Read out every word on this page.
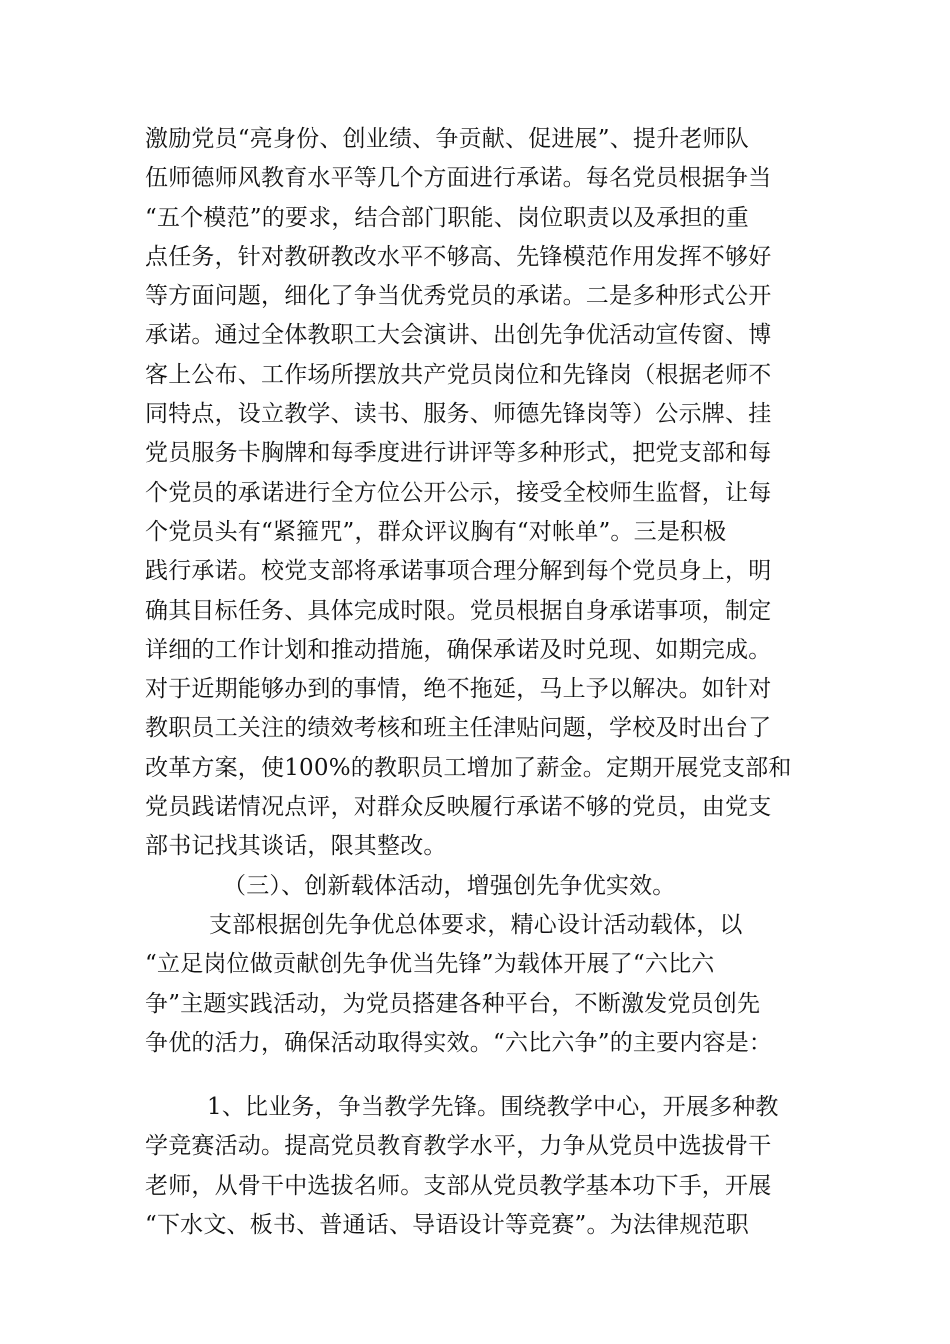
激励党员“亮身份、创业绩、争贡献、促进展”、提升老师队
伍师德师风教育水平等几个方面进行承诺。每名党员根据争当
“五个模范”的要求，结合部门职能、岗位职责以及承担的重
点任务，针对教研教改水平不够高、先锋模范作用发挥不够好
等方面问题，细化了争当优秀党员的承诺。二是多种形式公开
承诺。通过全体教职工大会演讲、出创先争优活动宣传窗、博
客上公布、工作场所摆放共产党员岗位和先锋岗（根据老师不
同特点，设立教学、读书、服务、师德先锋岗等）公示牌、挂
党员服务卡胸牌和每季度进行讲评等多种形式，把党支部和每
个党员的承诺进行全方位公开公示，接受全校师生监督，让每
个党员头有“紧箍咒”，群众评议胸有“对帐单”。三是积极
践行承诺。校党支部将承诺事项合理分解到每个党员身上，明
确其目标任务、具体完成时限。党员根据自身承诺事项，制定
详细的工作计划和推动措施，确保承诺及时兑现、如期完成。
对于近期能够办到的事情，绝不拖延，马上予以解决。如针对
教职员工关注的绩效考核和班主任津贴问题，学校及时出台了
改革方案，使100%的教职员工增加了薪金。定期开展党支部和
党员践诺情况点评，对群众反映履行承诺不够的党员，由党支
部书记找其谈话，限其整改。
（三）、创新载体活动，增强创先争优实效。
支部根据创先争优总体要求，精心设计活动载体，以
“立足岗位做贡献创先争优当先锋”为载体开展了“六比六
争”主题实践活动，为党员搭建各种平台，不断激发党员创先
争优的活力，确保活动取得实效。“六比六争”的主要内容是：
1、比业务，争当教学先锋。围绕教学中心，开展多种教
学竞赛活动。提高党员教育教学水平，力争从党员中选拔骨干
老师，从骨干中选拔名师。支部从党员教学基本功下手，开展
“下水文、板书、普通话、导语设计等竞赛”。为法律规范职
